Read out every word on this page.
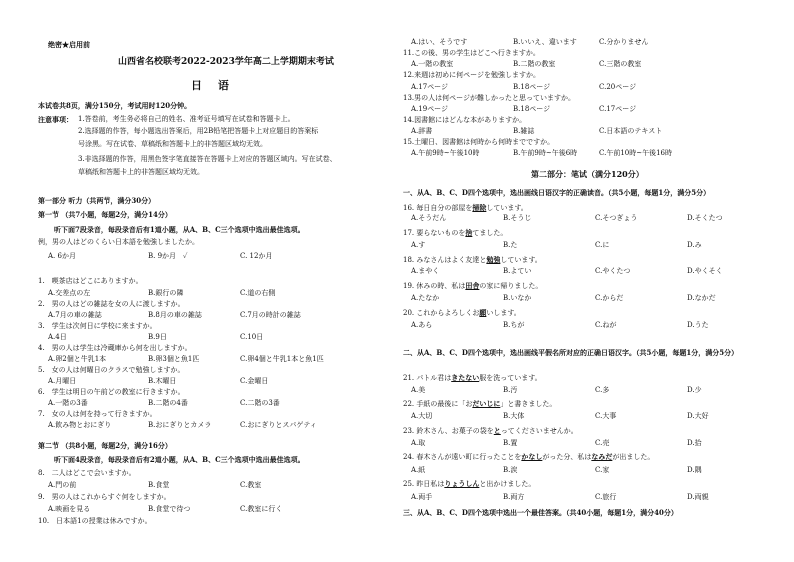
绝密★启用前
山西省名校联考2022-2023学年高二上学期期末考试
日 语
本试卷共8页，满分150分，考试用时120分钟。
注意事项： 1.答卷前，考生务必将自己的姓名、准考证号填写在试卷和答题卡上。
2.选择题的作答，每小题选出答案后，用2B铅笔把答题卡上对应题目的答案标
号涂黑。写在试卷、草稿纸和答题卡上的非答题区域均无效。
3.非选择题的作答，用黑色签字笔直接答在答题卡上对应的答题区域内。写在试卷、
草稿纸和答题卡上的非答题区域均无效。
第一部分 听力（共两节，满分30分）
第一节 （共7小题，每题2分，满分14分）
听下面7段录音，每段录音后有1道小题，从A、B、C三个选项中选出最佳选项。
例，男の人はどのくらい日本語を勉強しましたか。
A. 6か月	B. 9か月　✓	C. 12か月
1.　喫茶店はどこにありますか。
A.交差点の左	B.銀行の隣	C.道の右側
2.　男の人はどの雑誌を女の人に渡しますか。
A.7月の車の雑誌	B.8月の車の雑誌	C.7月の時計の雑誌
3.　学生は次何日に学校に来ますか。
A.4日	B.9日	C.10日
4.　男の人は学生は冷蔵庫から何を出しますか。
A.卵2個と牛乳1本	B.卵3個と魚1匹	C.卵4個と牛乳1本と魚1匹
5.　女の人は何曜日のクラスで勉強しますか。
A.月曜日	B.木曜日	C.金曜日
6.　学生は明日の午前どの教室に行きますか。
A.一階の3番	B.二階の4番	C.二階の3番
7.　女の人は何を持って行きますか。
A.飲み物とおにぎり	B.おにぎりとカメラ	C.おにぎりとスパゲティ
第二节 （共8小题，每题2分，满分16分）
听下面4段录音，每段录音后有2道小题，从A、B、C三个选项中选出最佳选项。
8.　二人はどこで会いますか。
A.門の前	B.食堂	C.教室
9.　男の人はこれからすぐ何をしますか。
A.映画を見る	B.食堂で待つ	C.教室に行く
10.　日本語1の授業は休みですか。
A.はい、そうです	B.いいえ、違います	C.分かりません
11.この後、男の学生はどこへ行きますか。
A.一階の教室	B.二階の教室	C.三階の教室
12.来週は初めに何ページを勉強しますか。
A.17ページ	B.18ページ	C.20ページ
13.男の人は何ページが難しかったと思っていますか。
A.19ページ	B.18ページ	C.17ページ
14.図書館にはどんな本がありますか。
A.辞書	B.雑誌	C.日本語のテキスト
15.土曜日、図書館は何時から何時までですか。
A.午前9時~午後10時	B.午前9時~午後6時	C.午前10時~午後16時
第二部分：笔试（满分120分）
一、从A、B、C、D四个选项中，选出画线日语汉字的正确读音。（共5小题，每题1分，满分5分）
16. 毎日自分の部屋を掃除しています。
A.そうだん	B.そうじ	C.そつぎょう	D.そくたつ
17. 要らないものを捨てました。
A.す	B.た	C.に	D.み
18. みなさんはよく友達と勉強しています。
A.まやく	B.よてい	C.やくたつ	D.やくそく
19. 休みの時、私は田舎の家に帰りました。
A.たなか	B.いなか	C.からだ	D.なかだ
20. これからよろしくお願いします。
A.あら	B.ちが	C.ねが	D.うた
二、从A、B、C、D四个选项中，选出画线平假名所对应的正确日语汉字。（共5小题，每题1分，满分5分）
21. パトル君はきたない服を洗っています。
A.美	B.汚	C.多	D.少
22. 手紙の最後に「おだいじに」と書きました。
A.大切	B.大体	C.大事	D.大好
23. 鈴木さん、お菓子の袋をとってくださいませんか。
A.取	B.置	C.売	D.拾
24. 春木さんが遠い町に行ったことをかなしがった分、私はなみだが出ました。
A.紙	B.涙	C.家	D.隅
25. 昨日私はりょうしんと出かけました。
A.両手	B.両方	C.旅行	D.両親
三、从A、B、C、D四个选项中选出一个最佳答案。（共40小题，每题1分，满分40分）
